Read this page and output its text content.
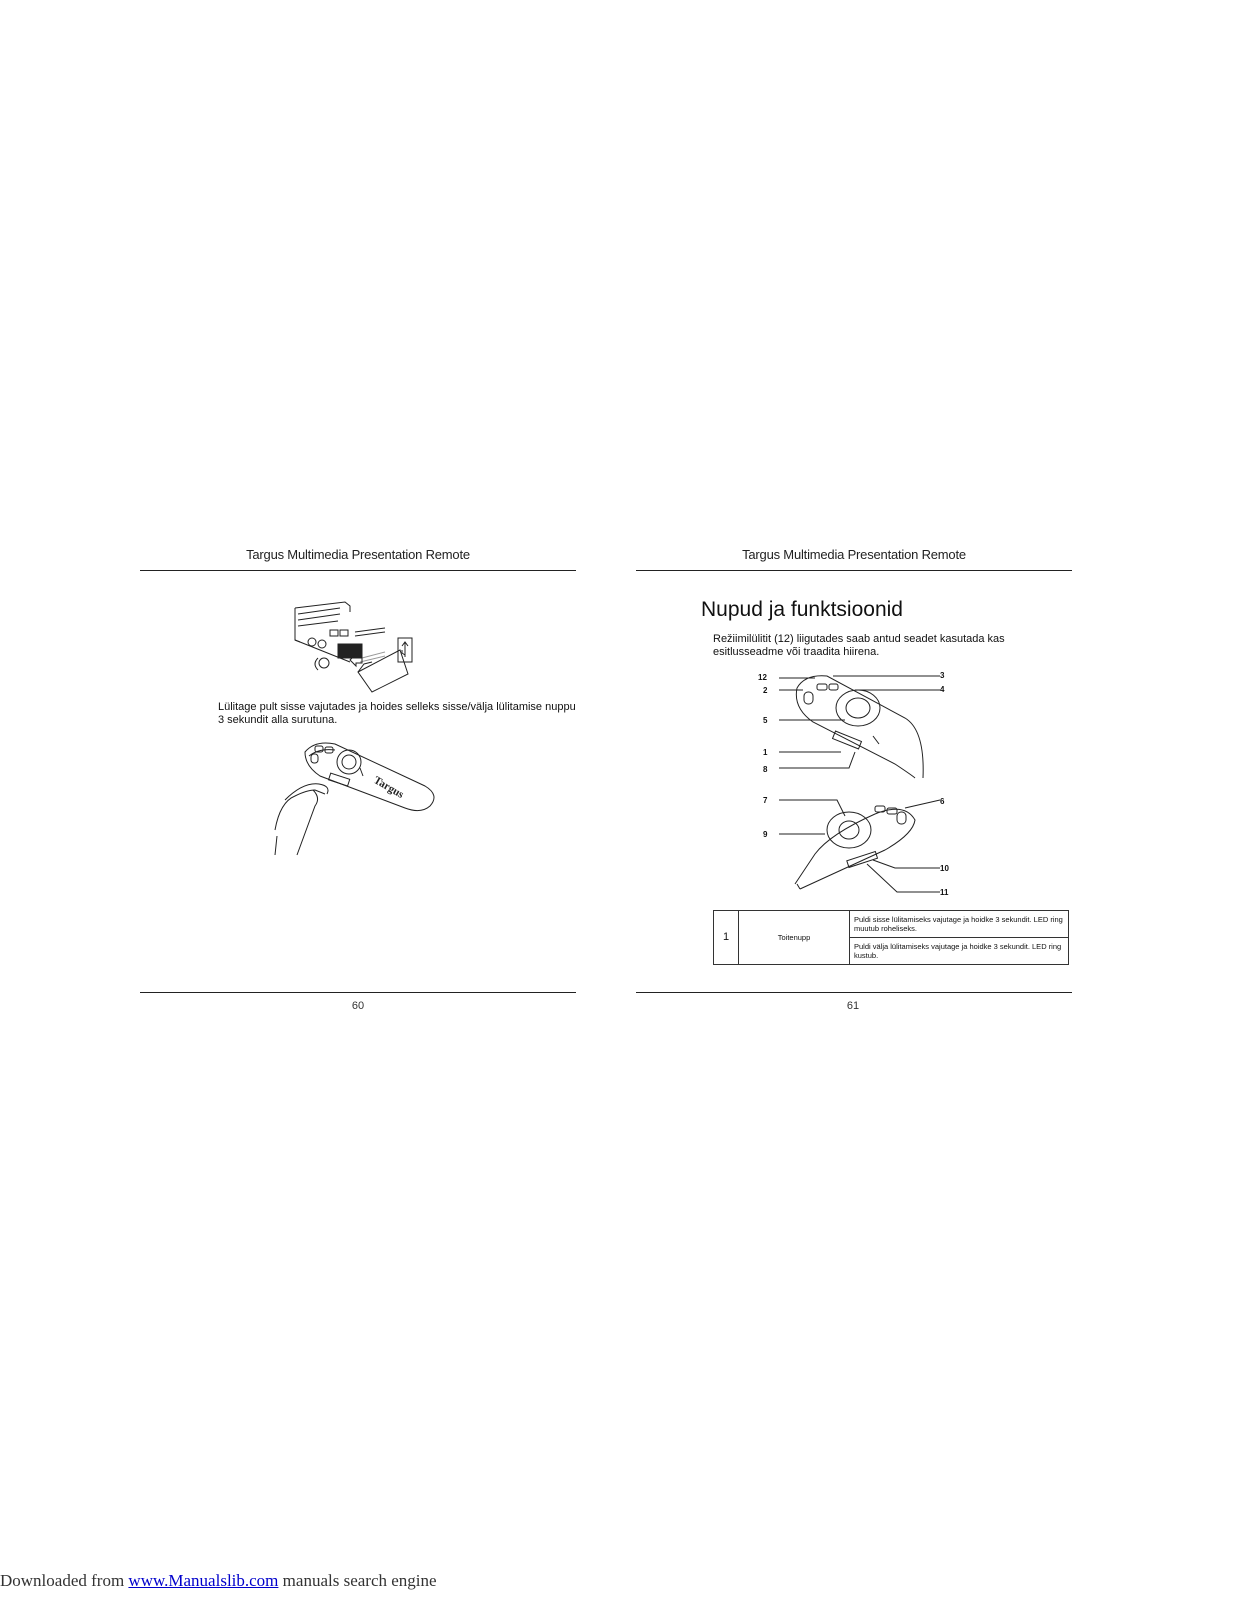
Targus Multimedia Presentation Remote
Lülitage pult sisse vajutades ja hoides selleks sisse/välja lülitamise nuppu 3 sekundit alla surutuna.
Targus
60
Targus Multimedia Presentation Remote
Nupud ja funktsioonid
Režiimilülitit (12) liigutades saab antud seadet kasutada kas esitlusseadme või traadita hiirena.
12
2
5
1
8
3
4
7
9
6
10
11
1	Toitenupp	Puldi sisse lülitamiseks vajutage ja hoidke 3 sekundit. LED ring muutub roheliseks.
Puldi välja lülitamiseks vajutage ja hoidke 3 sekundit. LED ring kustub.
61
Downloaded from www.Manualslib.com manuals search engine
